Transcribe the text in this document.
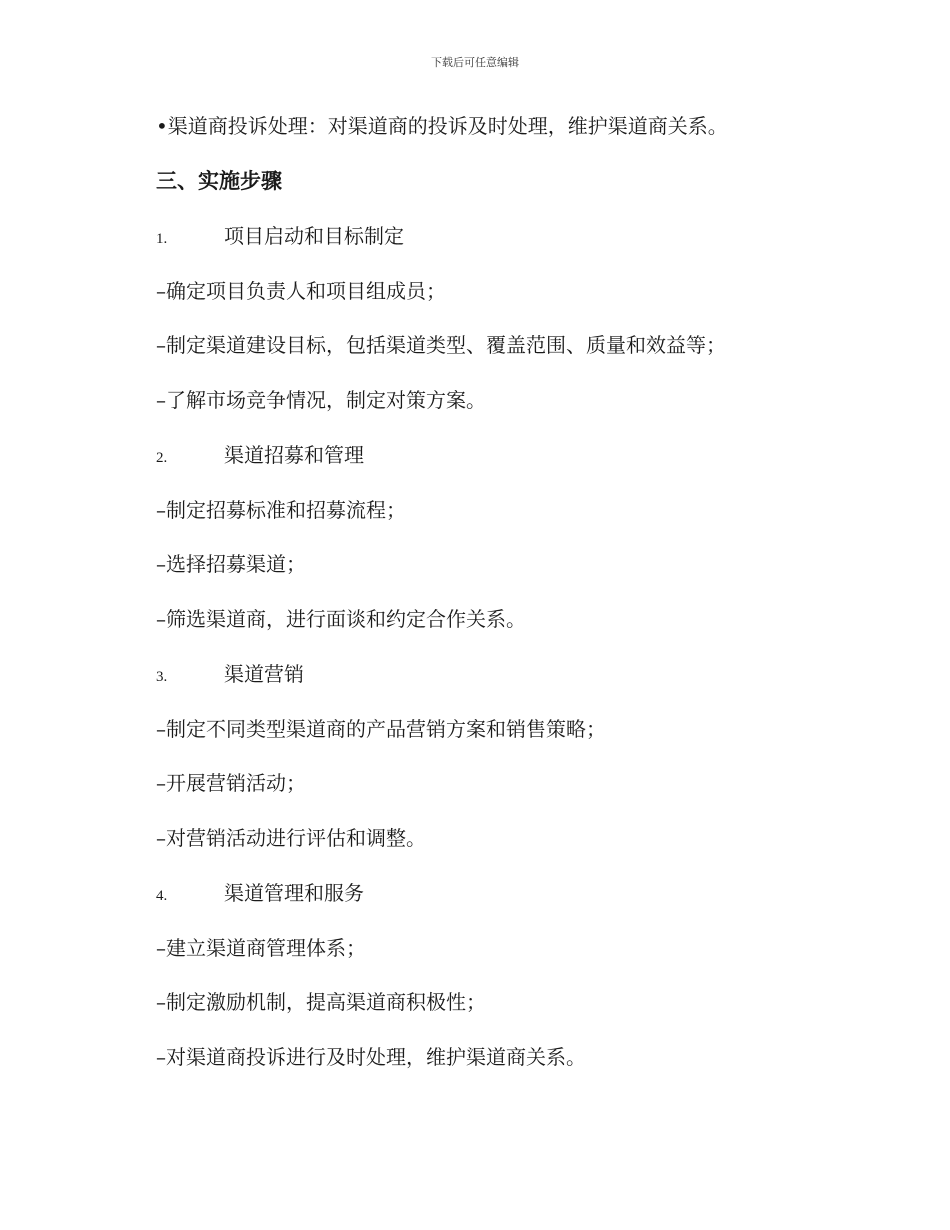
下载后可任意编辑
•渠道商投诉处理：对渠道商的投诉及时处理，维护渠道商关系。
三、实施步骤
1.	项目启动和目标制定
–确定项目负责人和项目组成员；
–制定渠道建设目标，包括渠道类型、覆盖范围、质量和效益等；
–了解市场竞争情况，制定对策方案。
2.	渠道招募和管理
–制定招募标准和招募流程；
–选择招募渠道；
–筛选渠道商，进行面谈和约定合作关系。
3.	渠道营销
–制定不同类型渠道商的产品营销方案和销售策略；
–开展营销活动；
–对营销活动进行评估和调整。
4.	渠道管理和服务
–建立渠道商管理体系；
–制定激励机制，提高渠道商积极性；
–对渠道商投诉进行及时处理，维护渠道商关系。
